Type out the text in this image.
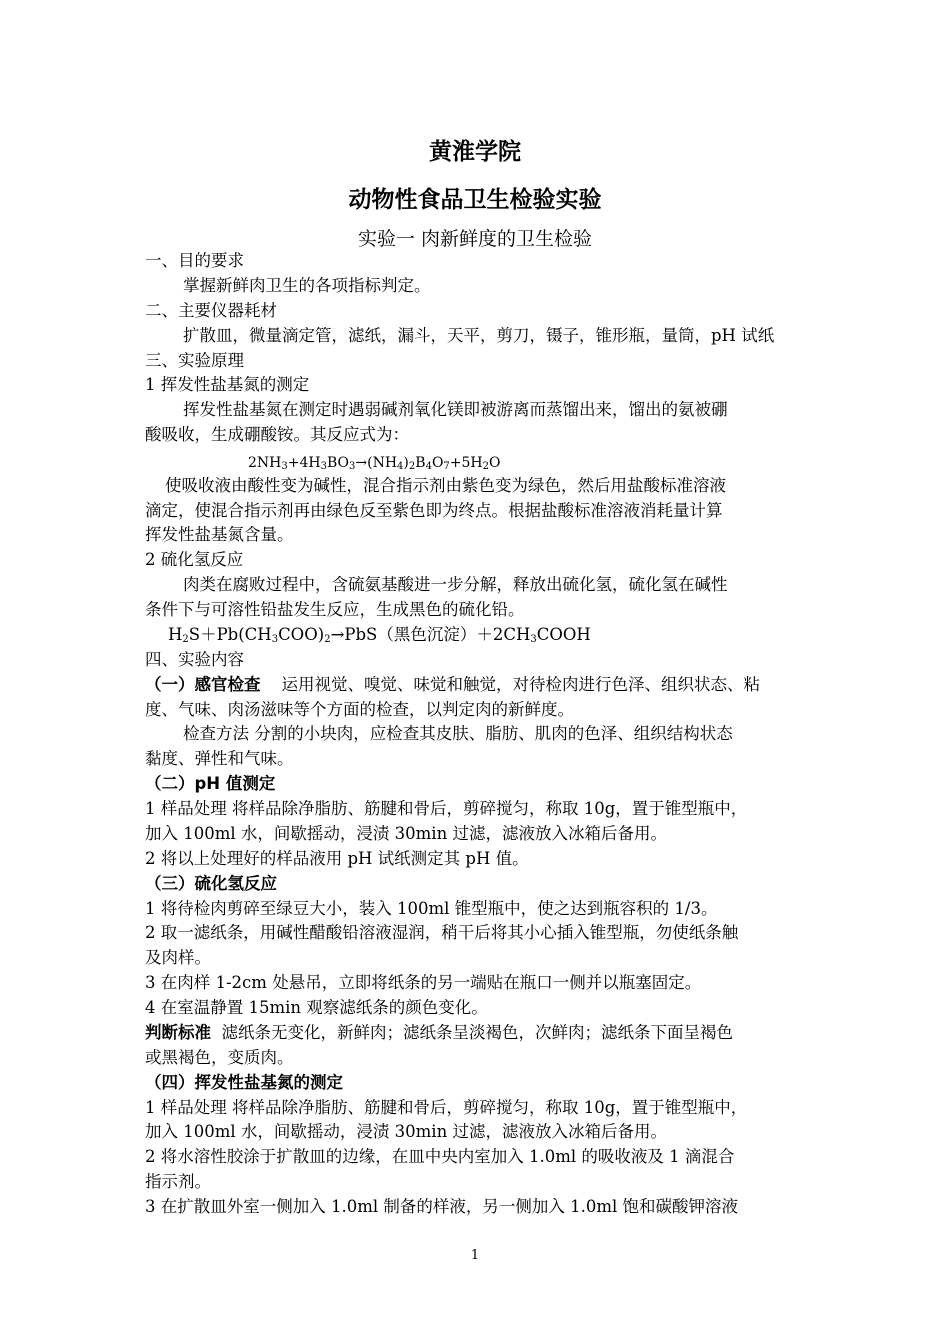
黄淮学院
动物性食品卫生检验实验
实验一 肉新鲜度的卫生检验
一、目的要求
掌握新鲜肉卫生的各项指标判定。
二、主要仪器耗材
扩散皿，微量滴定管，滤纸，漏斗，天平，剪刀，镊子，锥形瓶，量筒，pH 试纸
三、实验原理
1 挥发性盐基氮的测定
挥发性盐基氮在测定时遇弱碱剂氧化镁即被游离而蒸馏出来，馏出的氨被硼
酸吸收，生成硼酸铵。其反应式为：
$2NH_3+4H_3BO_3\to(NH_4)_2B_4O_7+5H_2O$
使吸收液由酸性变为碱性，混合指示剂由紫色变为绿色，然后用盐酸标准溶液
滴定，使混合指示剂再由绿色反至紫色即为终点。根据盐酸标准溶液消耗量计算
挥发性盐基氮含量。
2 硫化氢反应
肉类在腐败过程中，含硫氨基酸进一步分解，释放出硫化氢，硫化氢在碱性
条件下与可溶性铅盐发生反应，生成黑色的硫化铅。
$H_2S+Pb(CH_3COO)_2\to PbS$（黑色沉淀）$+2CH_3COOH$
四、实验内容
（一）感官检查 运用视觉、嗅觉、味觉和触觉，对待检肉进行色泽、组织状态、粘
度、气味、肉汤滋味等个方面的检查，以判定肉的新鲜度。
检查方法 分割的小块肉，应检查其皮肤、脂肪、肌肉的色泽、组织结构状态
黏度、弹性和气味。
（二）pH 值测定
1 样品处理 将样品除净脂肪、筋腱和骨后，剪碎搅匀，称取 10g，置于锥型瓶中，
加入 100ml 水，间歇摇动，浸渍 30min 过滤，滤液放入冰箱后备用。
2 将以上处理好的样品液用 pH 试纸测定其 pH 值。
（三）硫化氢反应
1 将待检肉剪碎至绿豆大小，装入 100ml 锥型瓶中，使之达到瓶容积的 1/3。
2 取一滤纸条，用碱性醋酸铅溶液湿润，稍干后将其小心插入锥型瓶，勿使纸条触
及肉样。
3 在肉样 1-2cm 处悬吊，立即将纸条的另一端贴在瓶口一侧并以瓶塞固定。
4 在室温静置 15min 观察滤纸条的颜色变化。
判断标准 滤纸条无变化，新鲜肉；滤纸条呈淡褐色，次鲜肉；滤纸条下面呈褐色
或黑褐色，变质肉。
（四）挥发性盐基氮的测定
1 样品处理 将样品除净脂肪、筋腱和骨后，剪碎搅匀，称取 10g，置于锥型瓶中，
加入 100ml 水，间歇摇动，浸渍 30min 过滤，滤液放入冰箱后备用。
2 将水溶性胶涂于扩散皿的边缘，在皿中央内室加入 1.0ml 的吸收液及 1 滴混合
指示剂。
3 在扩散皿外室一侧加入 1.0ml 制备的样液，另一侧加入 1.0ml 饱和碳酸钾溶液
1
